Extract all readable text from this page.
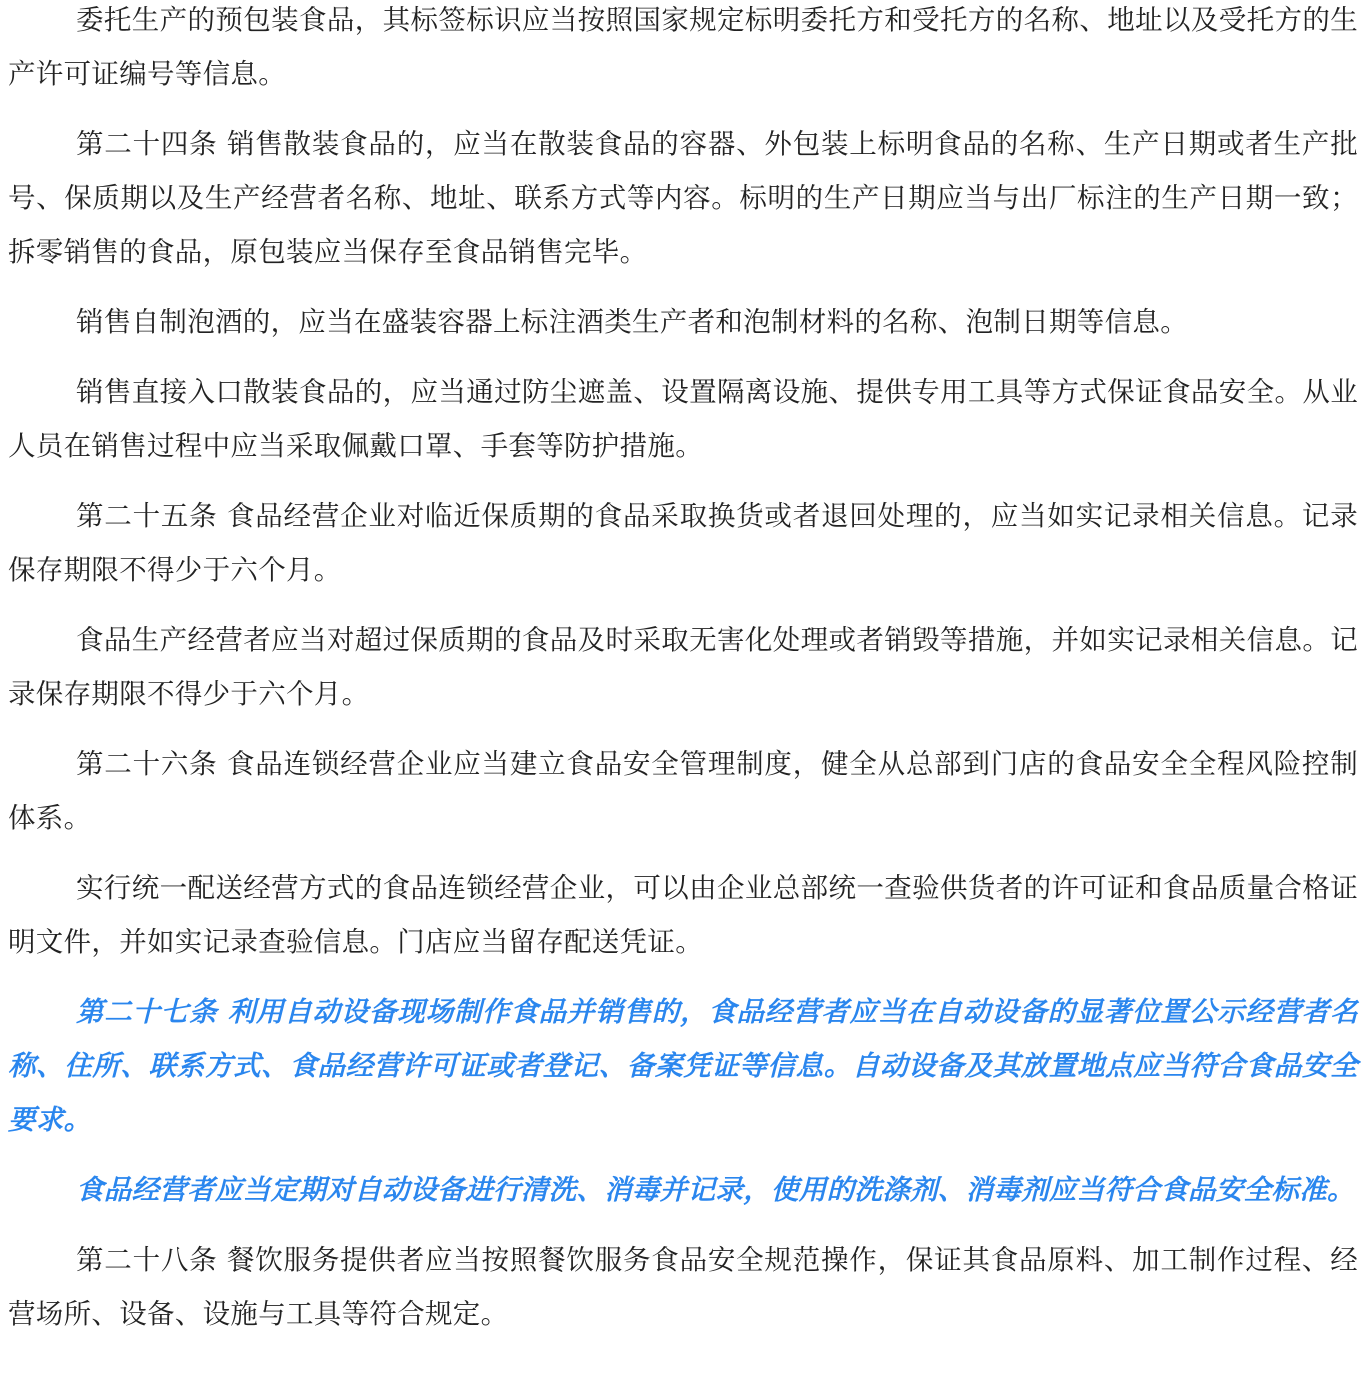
委托生产的预包装食品，其标签标识应当按照国家规定标明委托方和受托方的名称、地址以及受托方的生产许可证编号等信息。

第二十四条 销售散装食品的，应当在散装食品的容器、外包装上标明食品的名称、生产日期或者生产批号、保质期以及生产经营者名称、地址、联系方式等内容。标明的生产日期应当与出厂标注的生产日期一致；拆零销售的食品，原包装应当保存至食品销售完毕。

销售自制泡酒的，应当在盛装容器上标注酒类生产者和泡制材料的名称、泡制日期等信息。

销售直接入口散装食品的，应当通过防尘遮盖、设置隔离设施、提供专用工具等方式保证食品安全。从业人员在销售过程中应当采取佩戴口罩、手套等防护措施。

第二十五条 食品经营企业对临近保质期的食品采取换货或者退回处理的，应当如实记录相关信息。记录保存期限不得少于六个月。

食品生产经营者应当对超过保质期的食品及时采取无害化处理或者销毁等措施，并如实记录相关信息。记录保存期限不得少于六个月。

第二十六条 食品连锁经营企业应当建立食品安全管理制度，健全从总部到门店的食品安全全程风险控制体系。

实行统一配送经营方式的食品连锁经营企业，可以由企业总部统一查验供货者的许可证和食品质量合格证明文件，并如实记录查验信息。门店应当留存配送凭证。

第二十七条 利用自动设备现场制作食品并销售的，食品经营者应当在自动设备的显著位置公示经营者名称、住所、联系方式、食品经营许可证或者登记、备案凭证等信息。自动设备及其放置地点应当符合食品安全要求。

食品经营者应当定期对自动设备进行清洗、消毒并记录，使用的洗涤剂、消毒剂应当符合食品安全标准。

第二十八条 餐饮服务提供者应当按照餐饮服务食品安全规范操作，保证其食品原料、加工制作过程、经营场所、设备、设施与工具等符合规定。
